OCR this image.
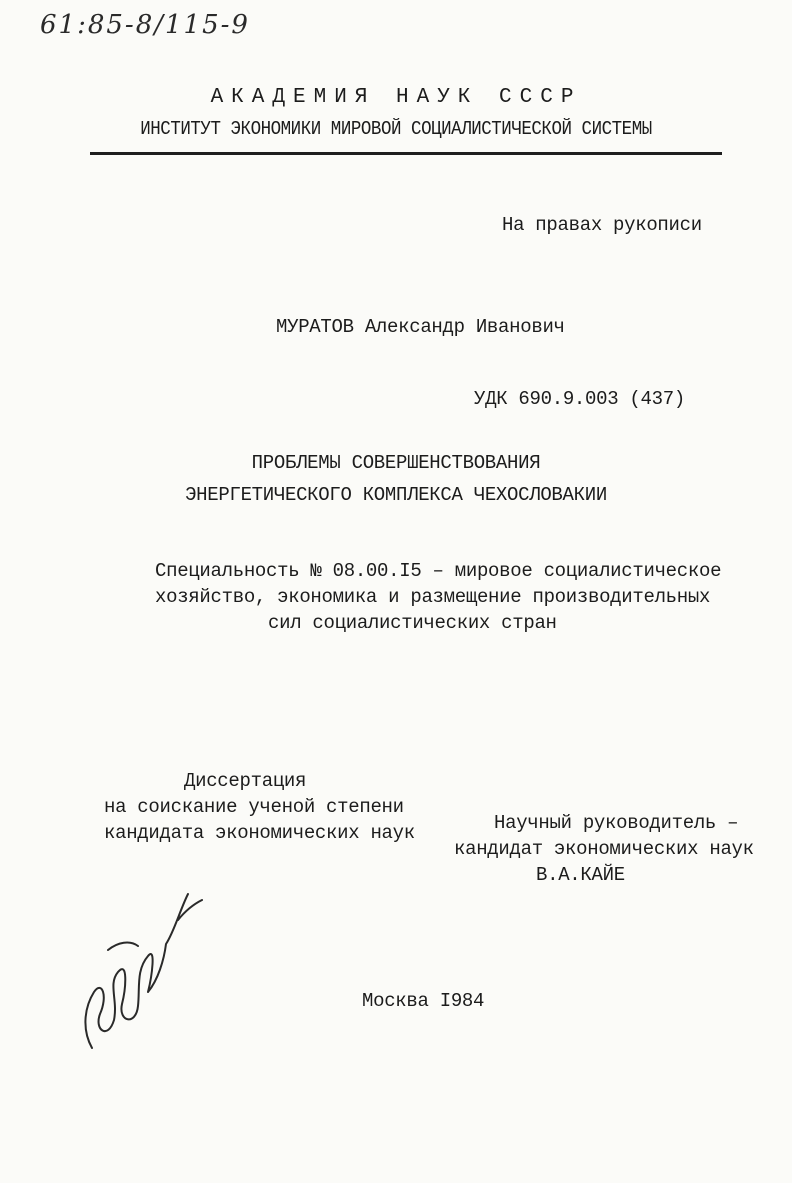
61:85-8/115-9
АКАДЕМИЯ НАУК СССР
ИНСТИТУТ ЭКОНОМИКИ МИРОВОЙ СОЦИАЛИСТИЧЕСКОЙ СИСТЕМЫ
На правах рукописи
МУРАТОВ Александр Иванович
УДК 690.9.003 (437)
ПРОБЛЕМЫ СОВЕРШЕНСТВОВАНИЯ
ЭНЕРГЕТИЧЕСКОГО КОМПЛЕКСА ЧЕХОСЛОВАКИИ
Специальность № 08.00.I5 – мировое социалистическое
хозяйство, экономика и размещение производительных
сил социалистических стран
Диссертация
на соискание ученой степени
кандидата экономических наук	Научный руководитель –
кандидат экономических наук
В.А.КАЙЕ
Москва I984
